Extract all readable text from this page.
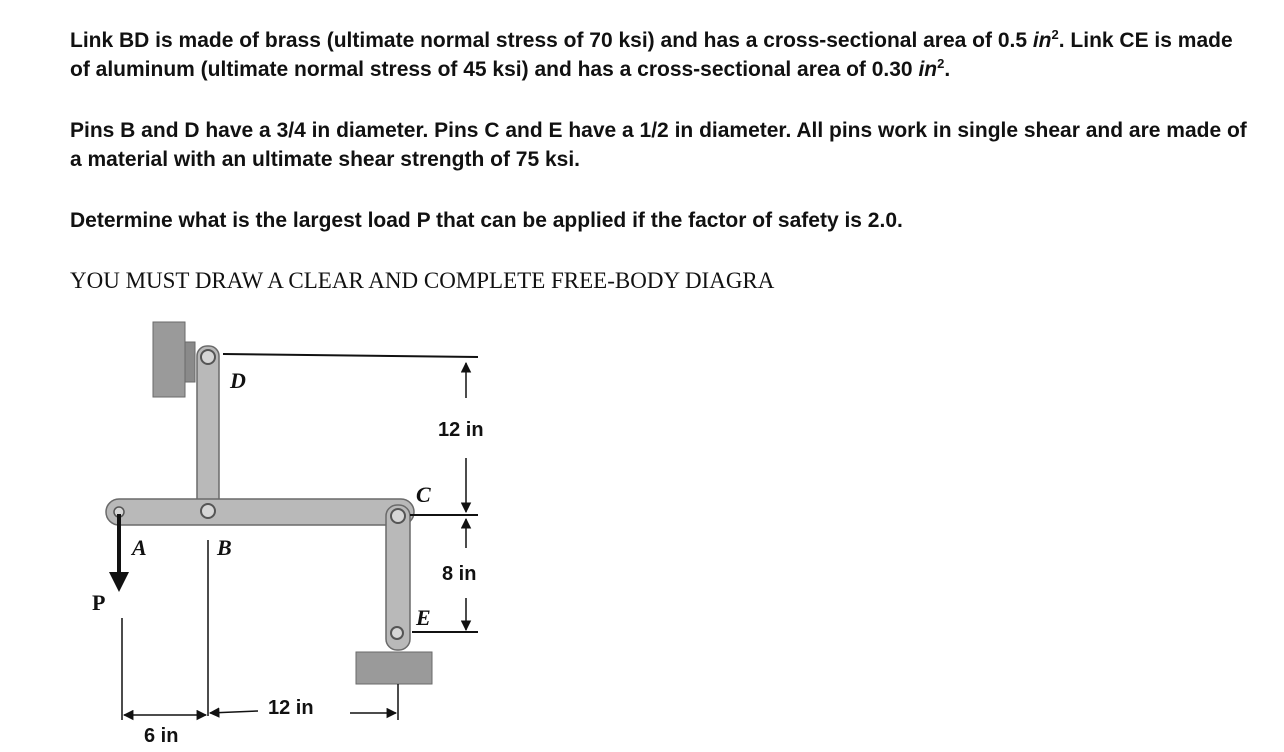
Link BD is made of brass (ultimate normal stress of 70 ksi) and has a cross-sectional area of 0.5 $in^2$. Link CE is made of aluminum (ultimate normal stress of 45 ksi) and has a cross-sectional area of 0.30 $in^2$.

Pins B and D have a 3/4 in diameter. Pins C and E have a 1/2 in diameter. All pins work in single shear and are made of a material with an ultimate shear strength of 75 ksi.

Determine what is the largest load P that can be applied if the factor of safety is 2.0.

YOU MUST DRAW A CLEAR AND COMPLETE FREE-BODY DIAGRA

D
A	B
C
E
P
12 in
8 in
12 in
6 in
